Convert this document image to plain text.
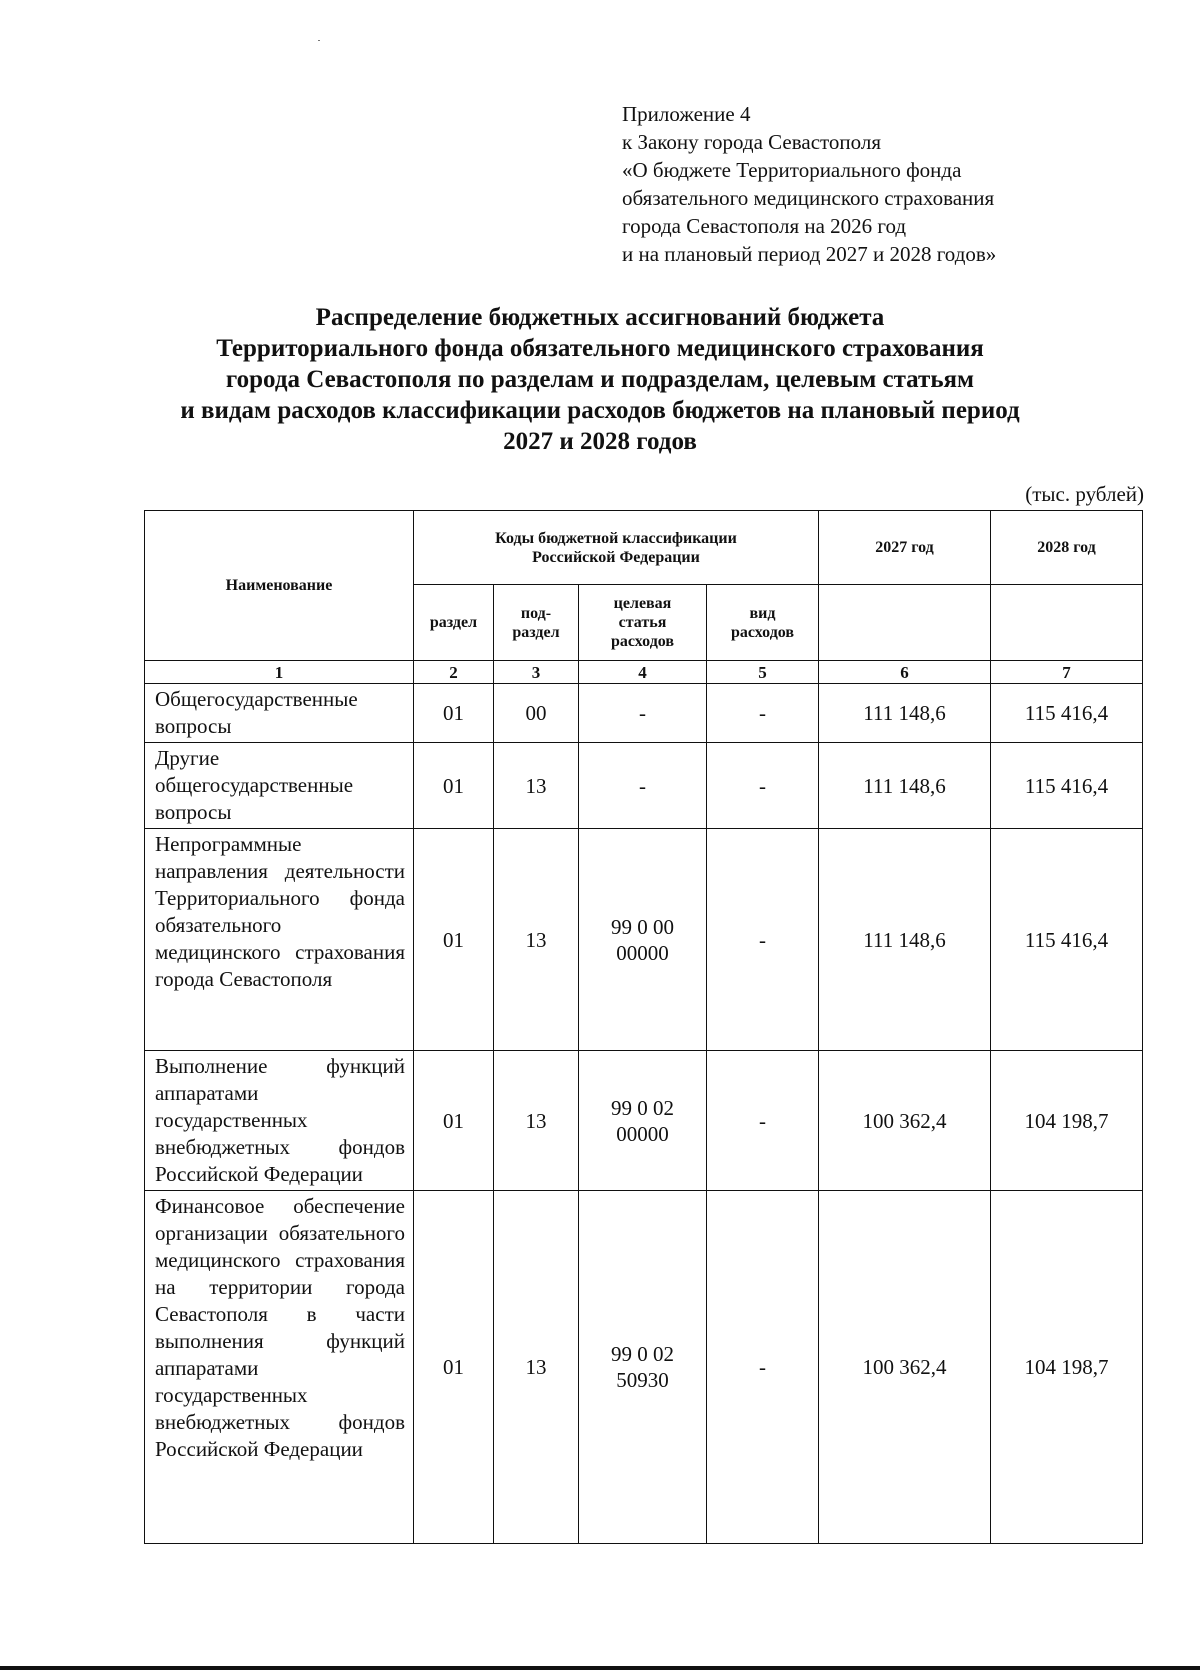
Приложение 4
к Закону города Севастополя
«О бюджете Территориального фонда
обязательного медицинского страхования
города Севастополя на 2026 год
и на плановый период 2027 и 2028 годов»
Распределение бюджетных ассигнований бюджета
Территориального фонда обязательного медицинского страхования
города Севастополя по разделам и подразделам, целевым статьям
и видам расходов классификации расходов бюджетов на плановый период
2027 и 2028 годов
(тыс. рублей)
Наименование	Коды бюджетной классификации Российской Федерации				2027 год	2028 год
	раздел	под-раздел	целевая статья расходов	вид расходов		
1	2	3	4	5	6	7
Общегосударственные вопросы	01	00	-	-	111 148,6	115 416,4
Другие общегосударственные вопросы	01	13	-	-	111 148,6	115 416,4
Непрограммные направления деятельности Территориального фонда обязательного медицинского страхования города Севастополя	01	13	99 0 00 00000	-	111 148,6	115 416,4
Выполнение функций аппаратами государственных внебюджетных фондов Российской Федерации	01	13	99 0 02 00000	-	100 362,4	104 198,7
Финансовое обеспечение организации обязательного медицинского страхования на территории города Севастополя в части выполнения функций аппаратами государственных внебюджетных фондов Российской Федерации	01	13	99 0 02 50930	-	100 362,4	104 198,7
